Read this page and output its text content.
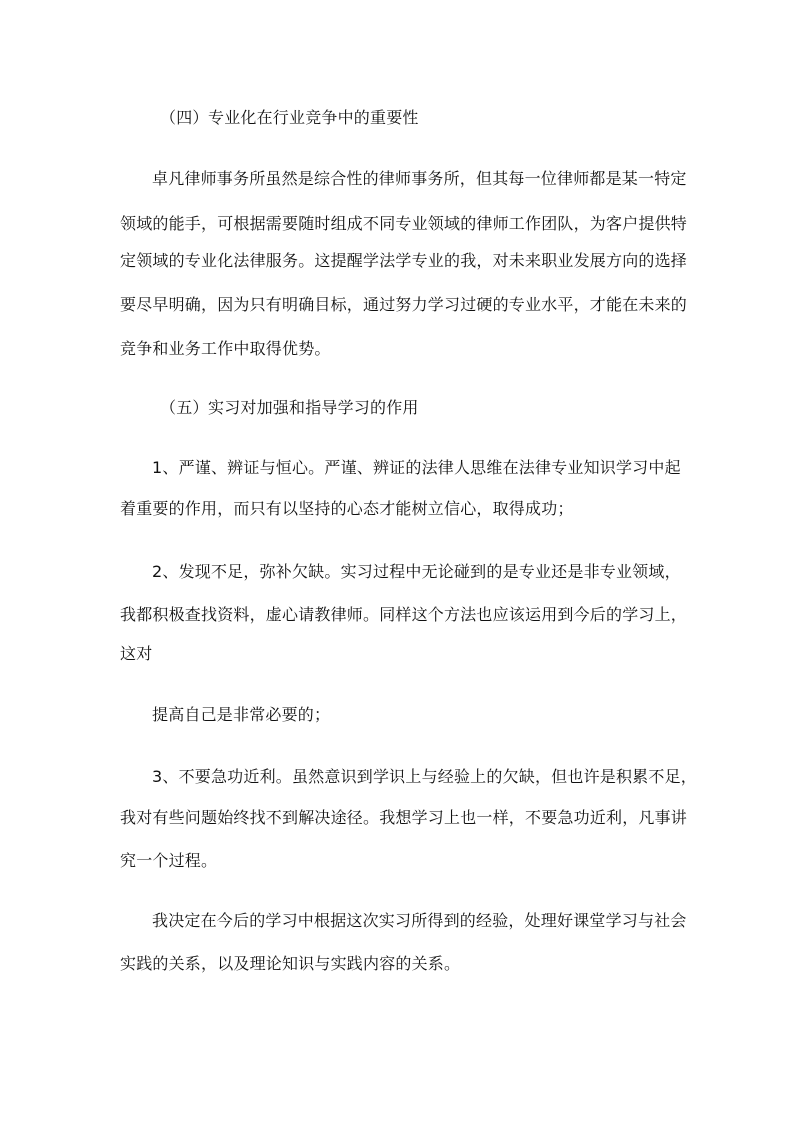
（四）专业化在行业竞争中的重要性

卓凡律师事务所虽然是综合性的律师事务所，但其每一位律师都是某一特定

领域的能手，可根据需要随时组成不同专业领域的律师工作团队，为客户提供特

定领域的专业化法律服务。这提醒学法学专业的我，对未来职业发展方向的选择

要尽早明确，因为只有明确目标，通过努力学习过硬的专业水平，才能在未来的

竞争和业务工作中取得优势。

（五）实习对加强和指导学习的作用

1、严谨、辨证与恒心。严谨、辨证的法律人思维在法律专业知识学习中起

着重要的作用，而只有以坚持的心态才能树立信心，取得成功；

2、发现不足，弥补欠缺。实习过程中无论碰到的是专业还是非专业领域，

我都积极查找资料，虚心请教律师。同样这个方法也应该运用到今后的学习上，

这对

提高自己是非常必要的；

3、不要急功近利。虽然意识到学识上与经验上的欠缺，但也许是积累不足，

我对有些问题始终找不到解决途径。我想学习上也一样，不要急功近利，凡事讲

究一个过程。

我决定在今后的学习中根据这次实习所得到的经验，处理好课堂学习与社会

实践的关系，以及理论知识与实践内容的关系。
